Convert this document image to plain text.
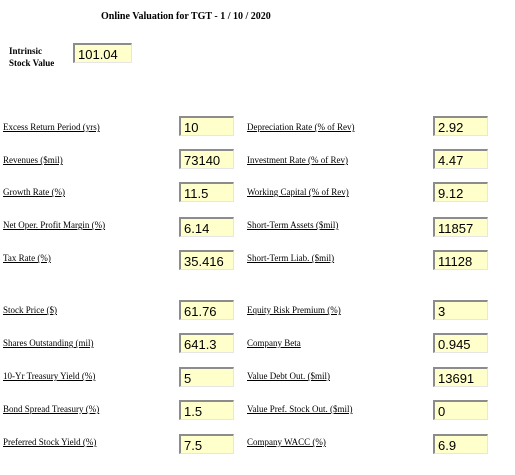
Online Valuation for TGT - 1 / 10 / 2020
Intrinsic Stock Value
101.04
Excess Return Period (yrs)	10	Depreciation Rate (% of Rev)	2.92
Revenues ($mil)	73140	Investment Rate (% of Rev)	4.47
Growth Rate (%)	11.5	Working Capital (% of Rev)	9.12
Net Oper. Profit Margin (%)	6.14	Short-Term Assets ($mil)	11857
Tax Rate (%)	35.416	Short-Term Liab. ($mil)	11128
Stock Price ($)	61.76	Equity Risk Premium (%)	3
Shares Outstanding (mil)	641.3	Company Beta	0.945
10-Yr Treasury Yield (%)	5	Value Debt Out. ($mil)	13691
Bond Spread Treasury (%)	1.5	Value Pref. Stock Out. ($mil)	0
Preferred Stock Yield (%)	7.5	Company WACC (%)	6.9
